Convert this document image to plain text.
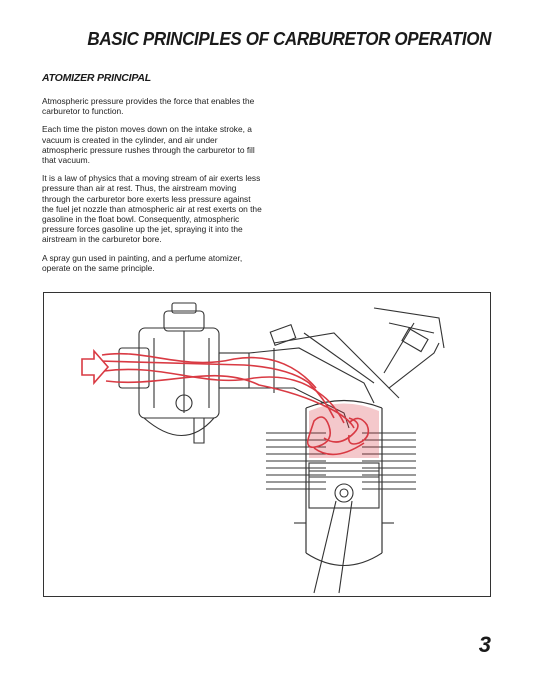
BASIC PRINCIPLES OF CARBURETOR OPERATION
ATOMIZER PRINCIPAL

Atmospheric pressure provides the force that enables the carburetor to function.

Each time the piston moves down on the intake stroke, a vacuum is created in the cylinder, and air under atmospheric pressure rushes through the carburetor to fill that vacuum.

It is a law of physics that a moving stream of air exerts less pressure than air at rest. Thus, the airstream moving through the carburetor bore exerts less pressure against the fuel jet nozzle than atmospheric air at rest exerts on the gasoline in the float bowl. Consequently, atmospheric pressure forces gasoline up the jet, spraying it into the airstream in the carburetor bore.

A spray gun used in painting, and a perfume atomizer, operate on the same principle.

3
